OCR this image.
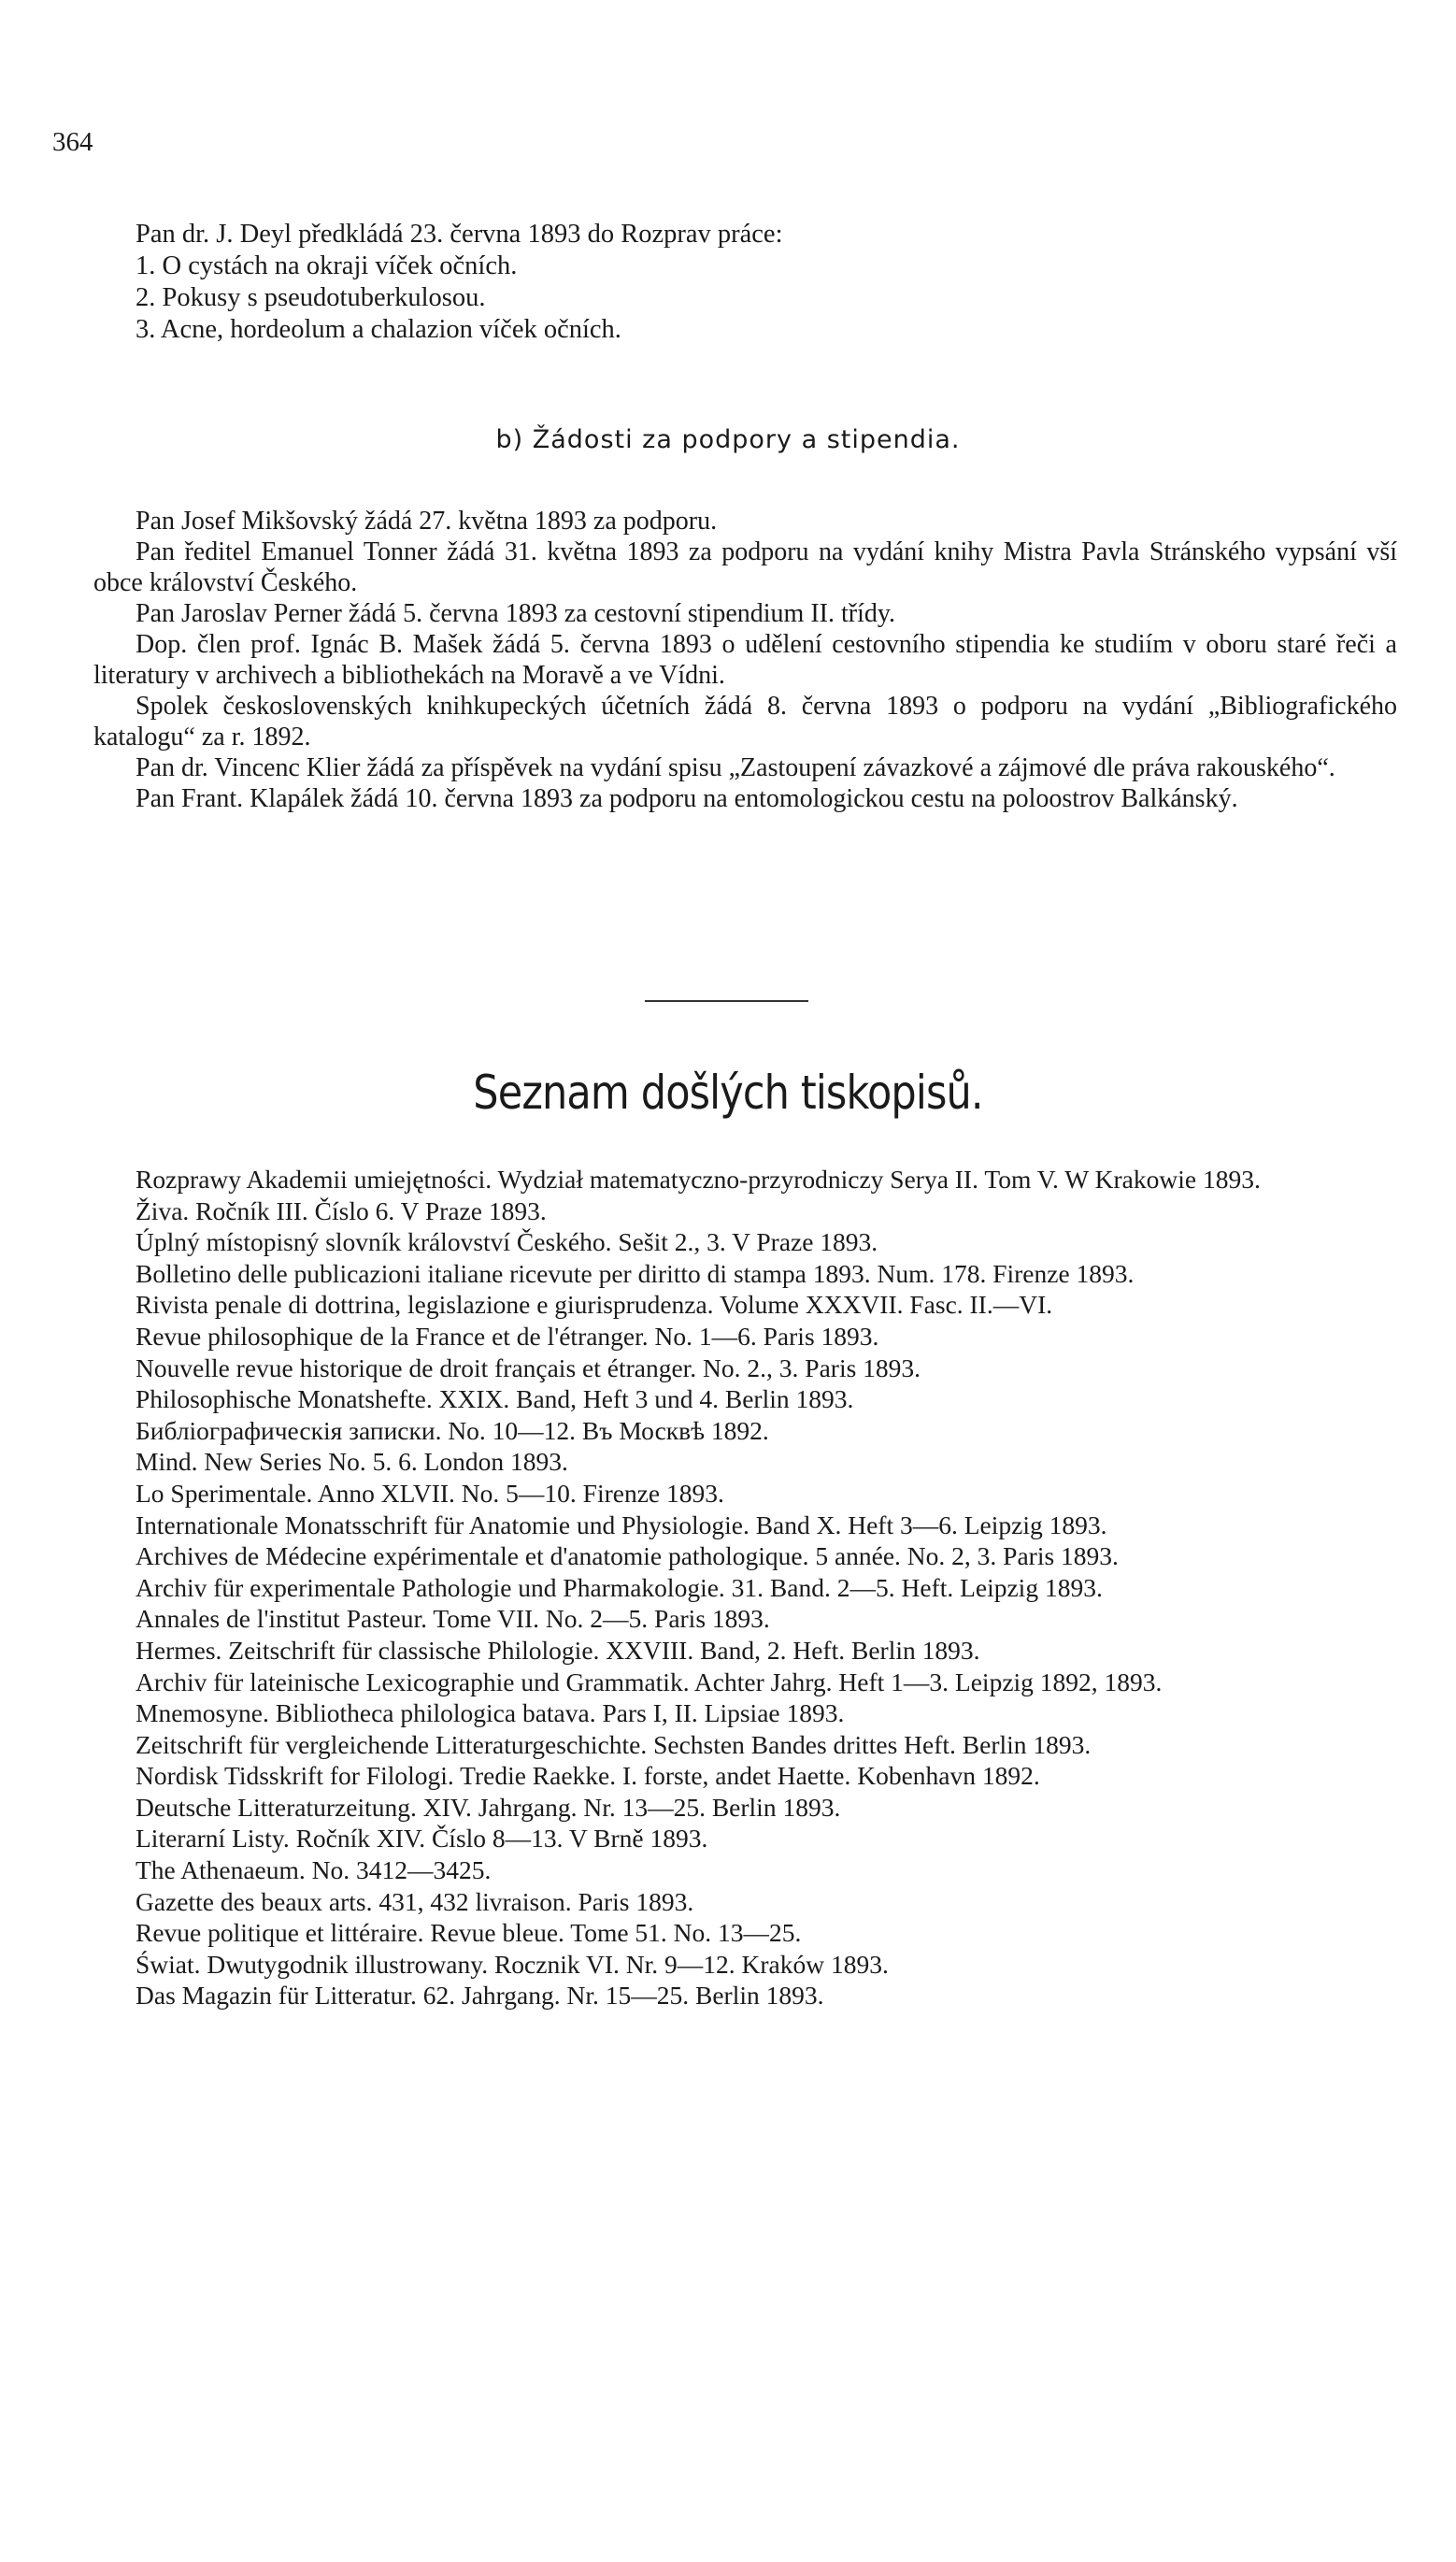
364
Pan dr. J. Deyl předkládá 23. června 1893 do Rozprav práce:
1. O cystách na okraji víček očních.
2. Pokusy s pseudotuberkulosou.
3. Acne, hordeolum a chalazion víček očních.
b) Žádosti za podpory a stipendia.
Pan Josef Mikšovský žádá 27. května 1893 za podporu.
Pan ředitel Emanuel Tonner žádá 31. května 1893 za podporu na vydání knihy Mistra Pavla Stránského vypsání vší obce království Českého.
Pan Jaroslav Perner žádá 5. června 1893 za cestovní stipendium II. třídy.
Dop. člen prof. Ignác B. Mašek žádá 5. června 1893 o udělení cestovního stipendia ke studiím v oboru staré řeči a literatury v archivech a bibliothekách na Moravě a ve Vídni.
Spolek československých knihkupeckých účetních žádá 8. června 1893 o podporu na vydání „Bibliografického katalogu“ za r. 1892.
Pan dr. Vincenc Klier žádá za příspěvek na vydání spisu „Zastoupení závazkové a zájmové dle práva rakouského“.
Pan Frant. Klapálek žádá 10. června 1893 za podporu na entomologickou cestu na poloostrov Balkánský.
Seznam došlých tiskopisů.
Rozprawy Akademii umiejętności. Wydział matematyczno-przyrodniczy Serya II. Tom V. W Krakowie 1893.
Živa. Ročník III. Číslo 6. V Praze 1893.
Úplný místopisný slovník království Českého. Sešit 2., 3. V Praze 1893.
Bolletino delle publicazioni italiane ricevute per diritto di stampa 1893. Num. 178. Firenze 1893.
Rivista penale di dottrina, legislazione e giurisprudenza. Volume XXXVII. Fasc. II.—VI.
Revue philosophique de la France et de l'étranger. No. 1—6. Paris 1893.
Nouvelle revue historique de droit français et étranger. No. 2., 3. Paris 1893.
Philosophische Monatshefte. XXIX. Band, Heft 3 und 4. Berlin 1893.
Библіографическія записки. No. 10—12. Въ Москвѣ 1892.
Mind. New Series No. 5. 6. London 1893.
Lo Sperimentale. Anno XLVII. No. 5—10. Firenze 1893.
Internationale Monatsschrift für Anatomie und Physiologie. Band X. Heft 3—6. Leipzig 1893.
Archives de Médecine expérimentale et d'anatomie pathologique. 5 année. No. 2, 3. Paris 1893.
Archiv für experimentale Pathologie und Pharmakologie. 31. Band. 2—5. Heft. Leipzig 1893.
Annales de l'institut Pasteur. Tome VII. No. 2—5. Paris 1893.
Hermes. Zeitschrift für classische Philologie. XXVIII. Band, 2. Heft. Berlin 1893.
Archiv für lateinische Lexicographie und Grammatik. Achter Jahrg. Heft 1—3. Leipzig 1892, 1893.
Mnemosyne. Bibliotheca philologica batava. Pars I, II. Lipsiae 1893.
Zeitschrift für vergleichende Litteraturgeschichte. Sechsten Bandes drittes Heft. Berlin 1893.
Nordisk Tidsskrift for Filologi. Tredie Raekke. I. forste, andet Haette. Kobenhavn 1892.
Deutsche Litteraturzeitung. XIV. Jahrgang. Nr. 13—25. Berlin 1893.
Literarní Listy. Ročník XIV. Číslo 8—13. V Brně 1893.
The Athenaeum. No. 3412—3425.
Gazette des beaux arts. 431, 432 livraison. Paris 1893.
Revue politique et littéraire. Revue bleue. Tome 51. No. 13—25.
Świat. Dwutygodnik illustrowany. Rocznik VI. Nr. 9—12. Kraków 1893.
Das Magazin für Litteratur. 62. Jahrgang. Nr. 15—25. Berlin 1893.
